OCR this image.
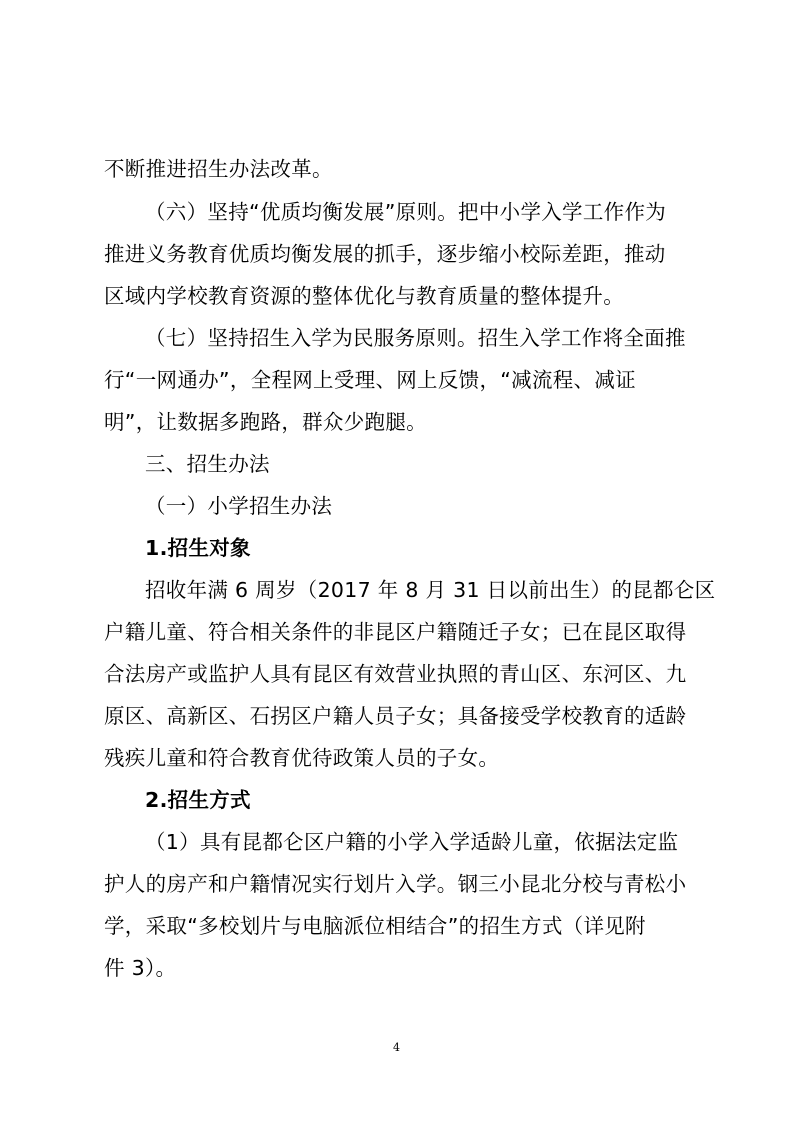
不断推进招生办法改革。
（六）坚持“优质均衡发展”原则。把中小学入学工作作为
推进义务教育优质均衡发展的抓手，逐步缩小校际差距，推动
区域内学校教育资源的整体优化与教育质量的整体提升。
（七）坚持招生入学为民服务原则。招生入学工作将全面推
行“一网通办”，全程网上受理、网上反馈，“减流程、减证
明”，让数据多跑路，群众少跑腿。
三、招生办法
（一）小学招生办法
1.招生对象
招收年满 6 周岁（2017 年 8 月 31 日以前出生）的昆都仑区
户籍儿童、符合相关条件的非昆区户籍随迁子女；已在昆区取得
合法房产或监护人具有昆区有效营业执照的青山区、东河区、九
原区、高新区、石拐区户籍人员子女；具备接受学校教育的适龄
残疾儿童和符合教育优待政策人员的子女。
2.招生方式
（1）具有昆都仑区户籍的小学入学适龄儿童，依据法定监
护人的房产和户籍情况实行划片入学。钢三小昆北分校与青松小
学，采取“多校划片与电脑派位相结合”的招生方式（详见附
件 3）。
4
